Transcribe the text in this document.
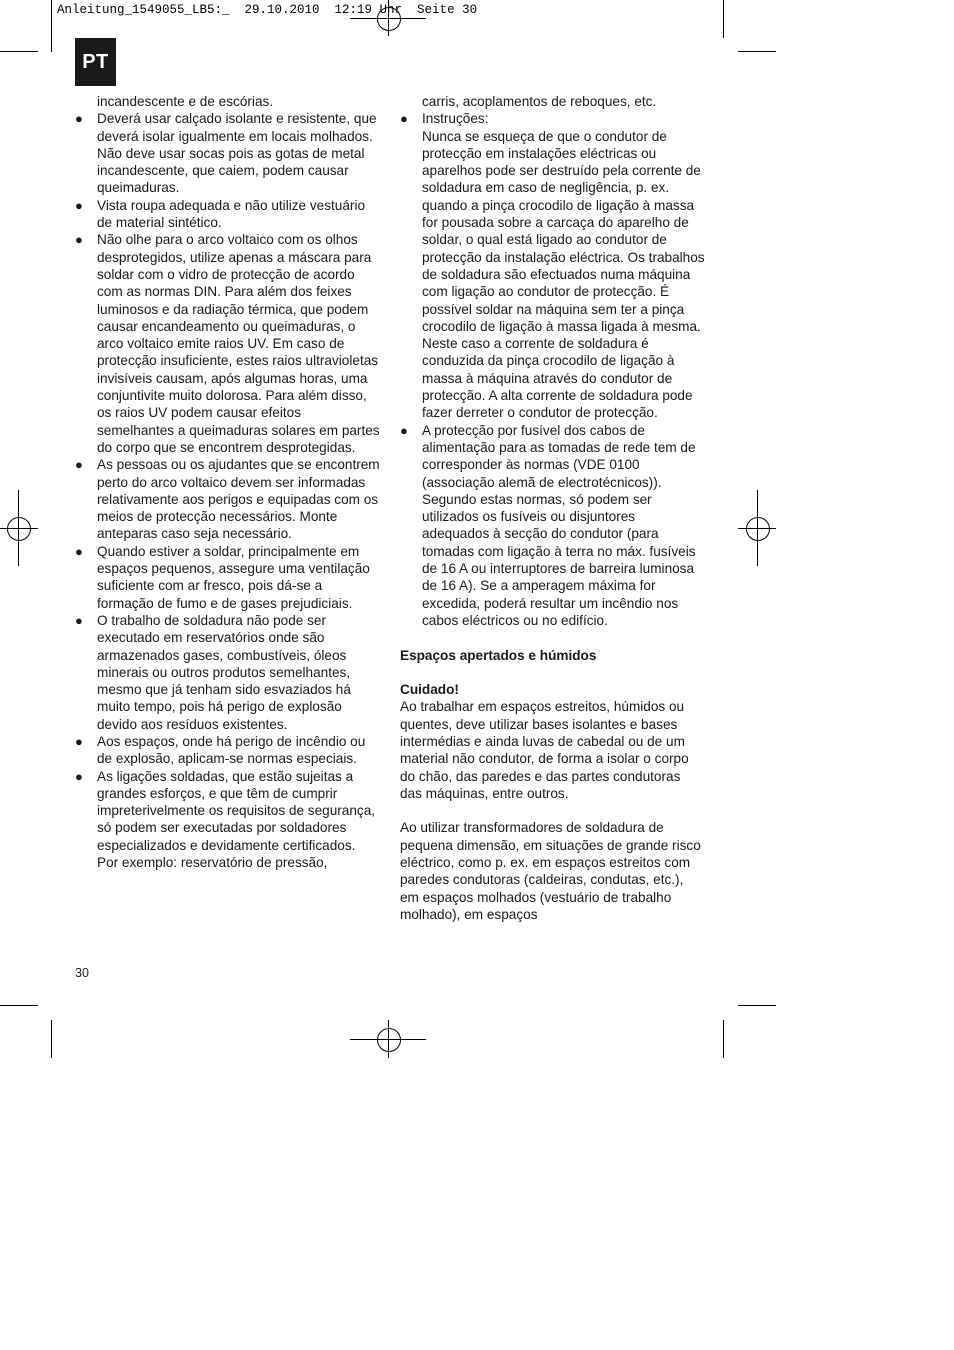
Anleitung_1549055_LB5:_  29.10.2010  12:19 Uhr  Seite 30
PT
incandescente e de escórias.
● Deverá usar calçado isolante e resistente, que deverá isolar igualmente em locais molhados. Não deve usar socas pois as gotas de metal incandescente, que caiem, podem causar queimaduras.
● Vista roupa adequada e não utilize vestuário de material sintético.
● Não olhe para o arco voltaico com os olhos desprotegidos, utilize apenas a máscara para soldar com o vidro de protecção de acordo com as normas DIN. Para além dos feixes luminosos e da radiação térmica, que podem causar encandeamento ou queimaduras, o arco voltaico emite raios UV. Em caso de protecção insuficiente, estes raios ultravioletas invisíveis causam, após algumas horas, uma conjuntivite muito dolorosa. Para além disso, os raios UV podem causar efeitos semelhantes a queimaduras solares em partes do corpo que se encontrem desprotegidas.
● As pessoas ou os ajudantes que se encontrem perto do arco voltaico devem ser informadas relativamente aos perigos e equipadas com os meios de protecção necessários. Monte anteparas caso seja necessário.
● Quando estiver a soldar, principalmente em espaços pequenos, assegure uma ventilação suficiente com ar fresco, pois dá-se a formação de fumo e de gases prejudiciais.
● O trabalho de soldadura não pode ser executado em reservatórios onde são armazenados gases, combustíveis, óleos minerais ou outros produtos semelhantes, mesmo que já tenham sido esvaziados há muito tempo, pois há perigo de explosão devido aos resíduos existentes.
● Aos espaços, onde há perigo de incêndio ou de explosão, aplicam-se normas especiais.
● As ligações soldadas, que estão sujeitas a grandes esforços, e que têm de cumprir impreterivelmente os requisitos de segurança, só podem ser executadas por soldadores especializados e devidamente certificados.
Por exemplo: reservatório de pressão,
carris, acoplamentos de reboques, etc.
● Instruções:
Nunca se esqueça de que o condutor de protecção em instalações eléctricas ou aparelhos pode ser destruído pela corrente de soldadura em caso de negligência, p. ex. quando a pinça crocodilo de ligação à massa for pousada sobre a carcaça do aparelho de soldar, o qual está ligado ao condutor de protecção da instalação eléctrica. Os trabalhos de soldadura são efectuados numa máquina com ligação ao condutor de protecção. É possível soldar na máquina sem ter a pinça crocodilo de ligação à massa ligada à mesma. Neste caso a corrente de soldadura é conduzida da pinça crocodilo de ligação à massa à máquina através do condutor de protecção. A alta corrente de soldadura pode fazer derreter o condutor de protecção.
● A protecção por fusível dos cabos de alimentação para as tomadas de rede tem de corresponder às normas (VDE 0100 (associação alemã de electrotécnicos)). Segundo estas normas, só podem ser utilizados os fusíveis ou disjuntores adequados à secção do condutor (para tomadas com ligação à terra no máx. fusíveis de 16 A ou interruptores de barreira luminosa de 16 A). Se a amperagem máxima for excedida, poderá resultar um incêndio nos cabos eléctricos ou no edifício.
Espaços apertados e húmidos
Cuidado!
Ao trabalhar em espaços estreitos, húmidos ou quentes, deve utilizar bases isolantes e bases intermédias e ainda luvas de cabedal ou de um material não condutor, de forma a isolar o corpo do chão, das paredes e das partes condutoras das máquinas, entre outros.
Ao utilizar transformadores de soldadura de pequena dimensão, em situações de grande risco eléctrico, como p. ex. em espaços estreitos com paredes condutoras (caldeiras, condutas, etc.), em espaços molhados (vestuário de trabalho molhado), em espaços
30
